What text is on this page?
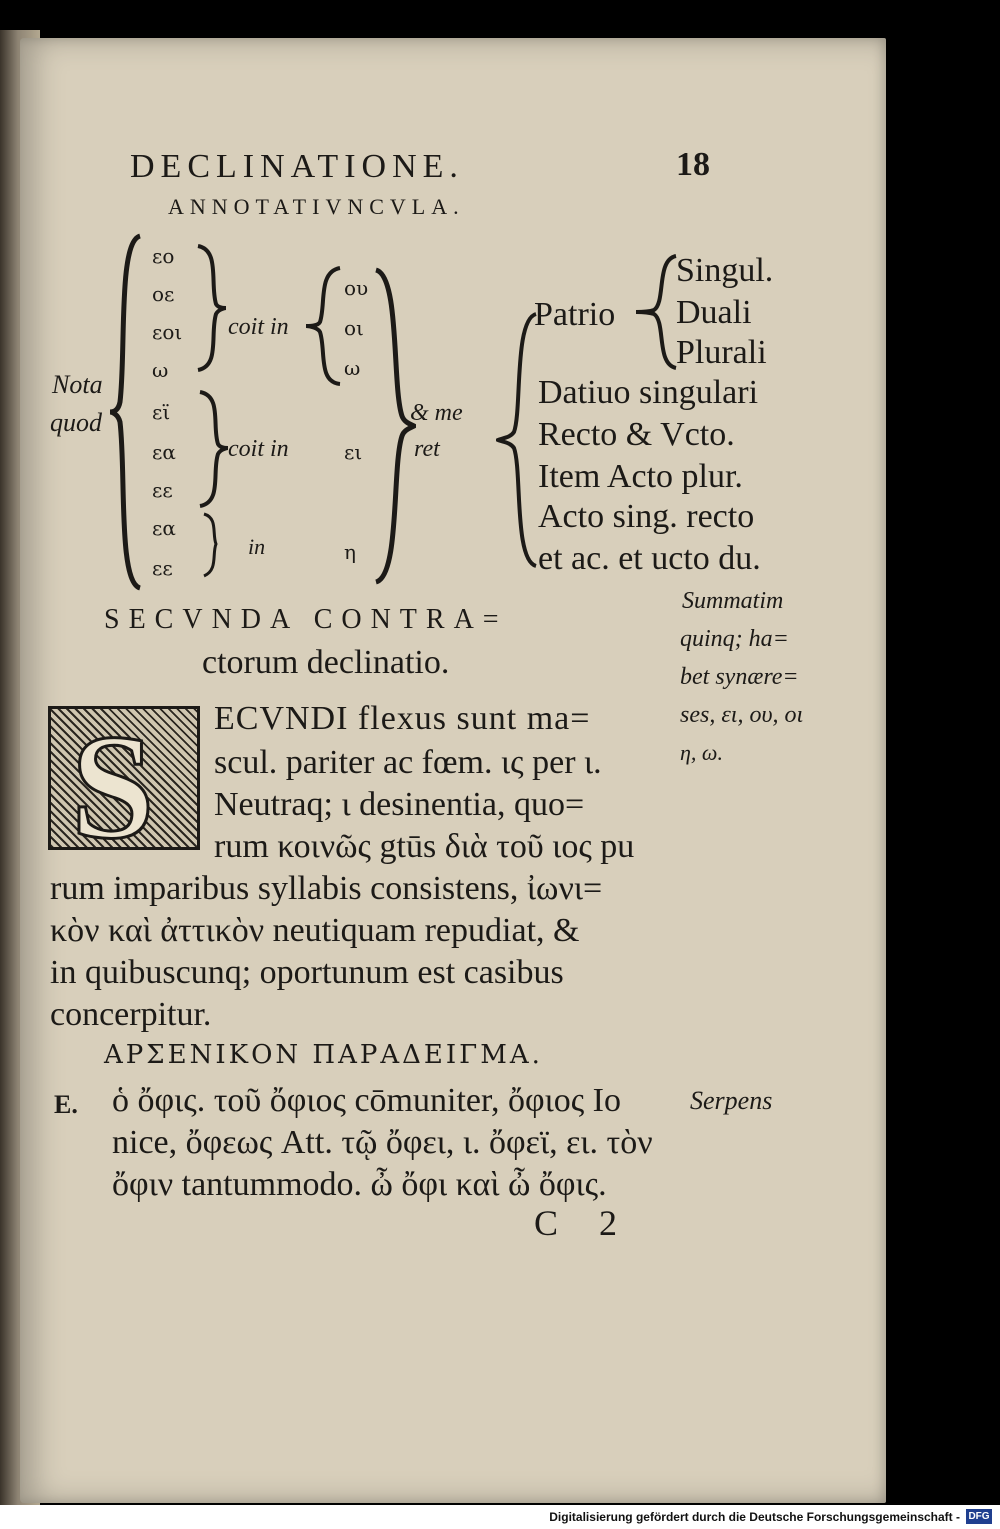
DECLINATIONE.	18
ANNOTATIVNCVLA.
Nota
quod
εο
οε
εοι
ω
εϊ
εα
εε
εα
εε
coit in
coit in
in
ου
οι
ω
ει
η
& me
ret
Patrio
Singul.
Duali
Plurali
Datiuo singulari
Recto & Vcto.
Item Acto plur.
Acto sing. recto
et ac. et ucto du.
Summatim
quinq; ha=
bet synære=
ses, ει, ου, οι
η, ω.
SECVNDA CONTRA=
ctorum declinatio.
S ECVNDI flexus sunt ma=
scul. pariter ac fœm. ις per ι.
Neutraq; ι desinentia, quo=
rum κοινῶς gtūs διὰ τοῦ ιος pu
rum imparibus syllabis consistens, ἰωνι=
κὸν καὶ ἀττικὸν neutiquam repudiat, &
in quibuscunq; oportunum est casibus
concerpitur.
ΑΡΣΕΝΙΚΟΝ ΠΑΡΑΔΕΙΓΜΑ.
E. ὁ ὄφις. τοῦ ὄφιος cōmuniter, ὄφιος Io
nice, ὄφεως Att. τῷ ὄφει, ι. ὄφεϊ, ει. τὸν
ὄφιν tantummodo. ὦ ὄφι καὶ ὦ ὄφις.
Serpens
C 2
Digitalisierung gefördert durch die Deutsche Forschungsgemeinschaft - DFG
